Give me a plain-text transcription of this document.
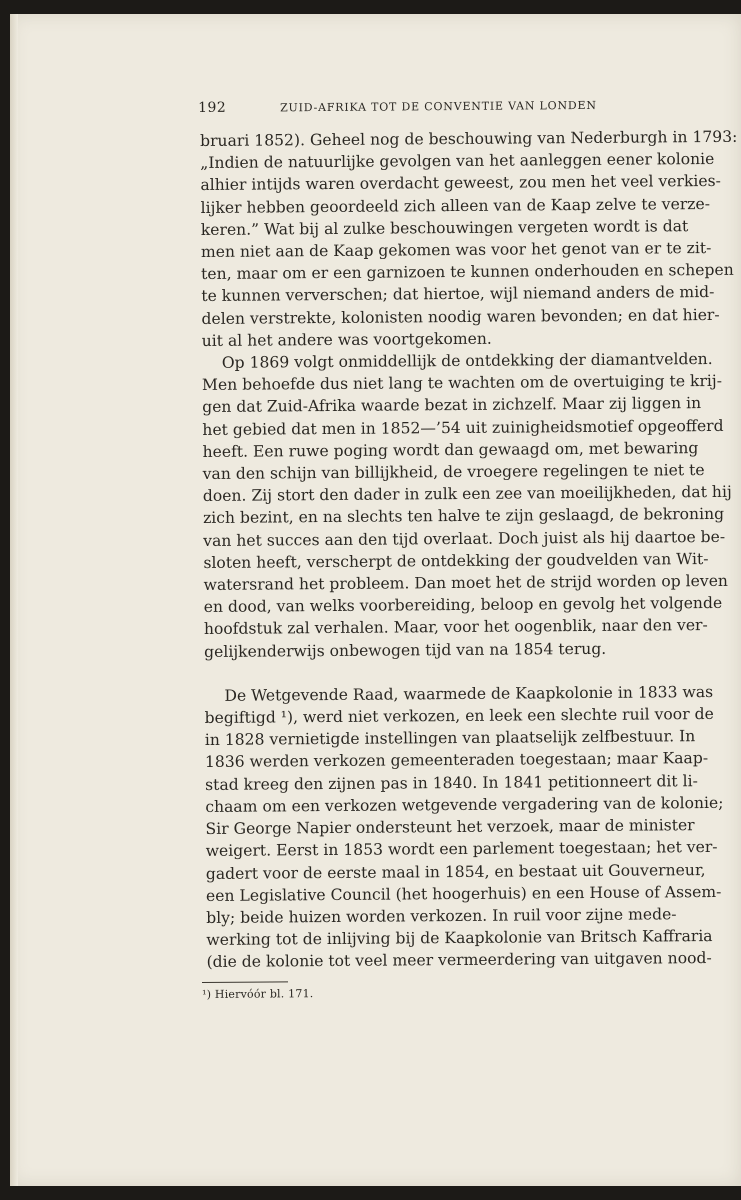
192	ZUID-AFRIKA TOT DE CONVENTIE VAN LONDEN

bruari 1852). Geheel nog de beschouwing van Nederburgh in 1793:
„Indien de natuurlijke gevolgen van het aanleggen eener kolonie
alhier intijds waren overdacht geweest, zou men het veel verkies-
lijker hebben geoordeeld zich alleen van de Kaap zelve te verze-
keren.” Wat bij al zulke beschouwingen vergeten wordt is dat
men niet aan de Kaap gekomen was voor het genot van er te zit-
ten, maar om er een garnizoen te kunnen onderhouden en schepen
te kunnen ververschen; dat hiertoe, wijl niemand anders de mid-
delen verstrekte, kolonisten noodig waren bevonden; en dat hier-
uit al het andere was voortgekomen.

Op 1869 volgt onmiddellijk de ontdekking der diamantvelden.
Men behoefde dus niet lang te wachten om de overtuiging te krij-
gen dat Zuid-Afrika waarde bezat in zichzelf. Maar zij liggen in
het gebied dat men in 1852—’54 uit zuinigheidsmotief opgeofferd
heeft. Een ruwe poging wordt dan gewaagd om, met bewaring
van den schijn van billijkheid, de vroegere regelingen te niet te
doen. Zij stort den dader in zulk een zee van moeilijkheden, dat hij
zich bezint, en na slechts ten halve te zijn geslaagd, de bekroning
van het succes aan den tijd overlaat. Doch juist als hij daartoe be-
sloten heeft, verscherpt de ontdekking der goudvelden van Wit-
watersrand het probleem. Dan moet het de strijd worden op leven
en dood, van welks voorbereiding, beloop en gevolg het volgende
hoofdstuk zal verhalen. Maar, voor het oogenblik, naar den ver-
gelijkenderwijs onbewogen tijd van na 1854 terug.

De Wetgevende Raad, waarmede de Kaapkolonie in 1833 was
begiftigd ¹), werd niet verkozen, en leek een slechte ruil voor de
in 1828 vernietigde instellingen van plaatselijk zelfbestuur. In
1836 werden verkozen gemeenteraden toegestaan; maar Kaap-
stad kreeg den zijnen pas in 1840. In 1841 petitionneert dit li-
chaam om een verkozen wetgevende vergadering van de kolonie;
Sir George Napier ondersteunt het verzoek, maar de minister
weigert. Eerst in 1853 wordt een parlement toegestaan; het ver-
gadert voor de eerste maal in 1854, en bestaat uit Gouverneur,
een Legislative Council (het hoogerhuis) en een House of Assem-
bly; beide huizen worden verkozen. In ruil voor zijne mede-
werking tot de inlijving bij de Kaapkolonie van Britsch Kaffraria
(die de kolonie tot veel meer vermeerdering van uitgaven nood-

¹) Hiervóór bl. 171.
